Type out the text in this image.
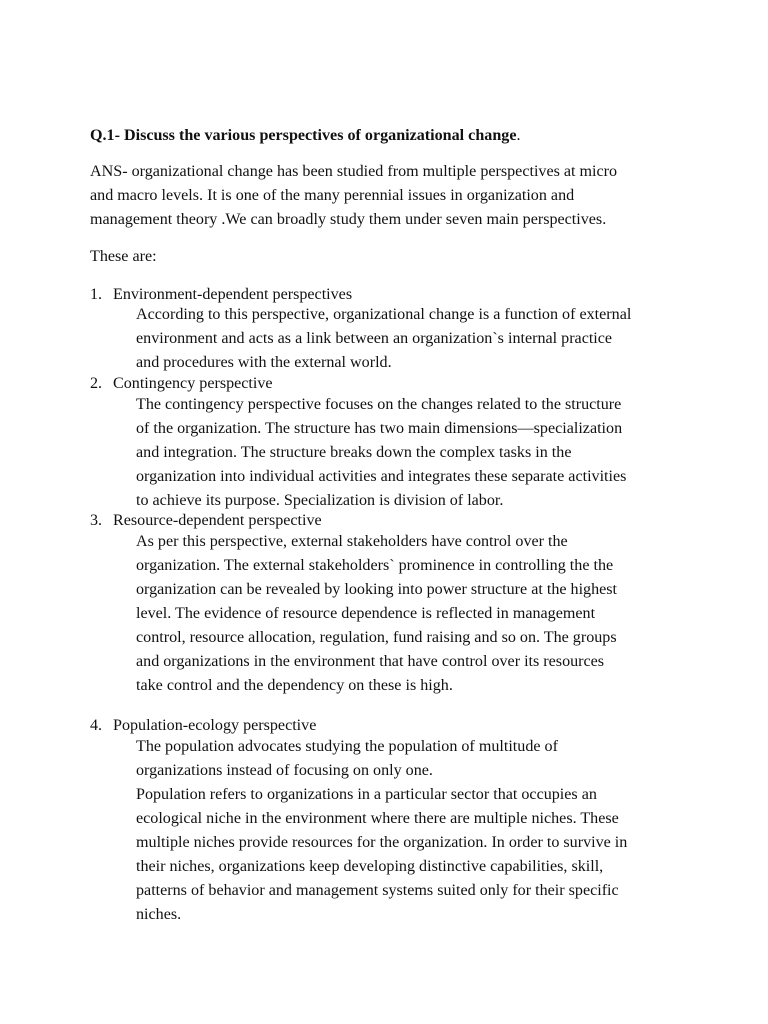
Q.1- Discuss the various perspectives of organizational change.
ANS- organizational change has been studied from multiple perspectives at micro
and macro levels. It is one of the many perennial issues in organization and
management theory .We can broadly study them under seven main perspectives.
These are:
1. Environment-dependent perspectives
According to this perspective, organizational change is a function of external
environment and acts as a link between an organization`s internal practice
and procedures with the external world.
2. Contingency perspective
The contingency perspective focuses on the changes related to the structure
of the organization. The structure has two main dimensions—specialization
and integration. The structure breaks down the complex tasks in the
organization into individual activities and integrates these separate activities
to achieve its purpose. Specialization is division of labor.
3. Resource-dependent perspective
As per this perspective, external stakeholders have control over the
organization. The external stakeholders` prominence in controlling the the
organization can be revealed by looking into power structure at the highest
level. The evidence of resource dependence is reflected in management
control, resource allocation, regulation, fund raising and so on. The groups
and organizations in the environment that have control over its resources
take control and the dependency on these is high.
4. Population-ecology perspective
The population advocates studying the population of multitude of
organizations instead of focusing on only one.
Population refers to organizations in a particular sector that occupies an
ecological niche in the environment where there are multiple niches. These
multiple niches provide resources for the organization. In order to survive in
their niches, organizations keep developing distinctive capabilities, skill,
patterns of behavior and management systems suited only for their specific
niches.
